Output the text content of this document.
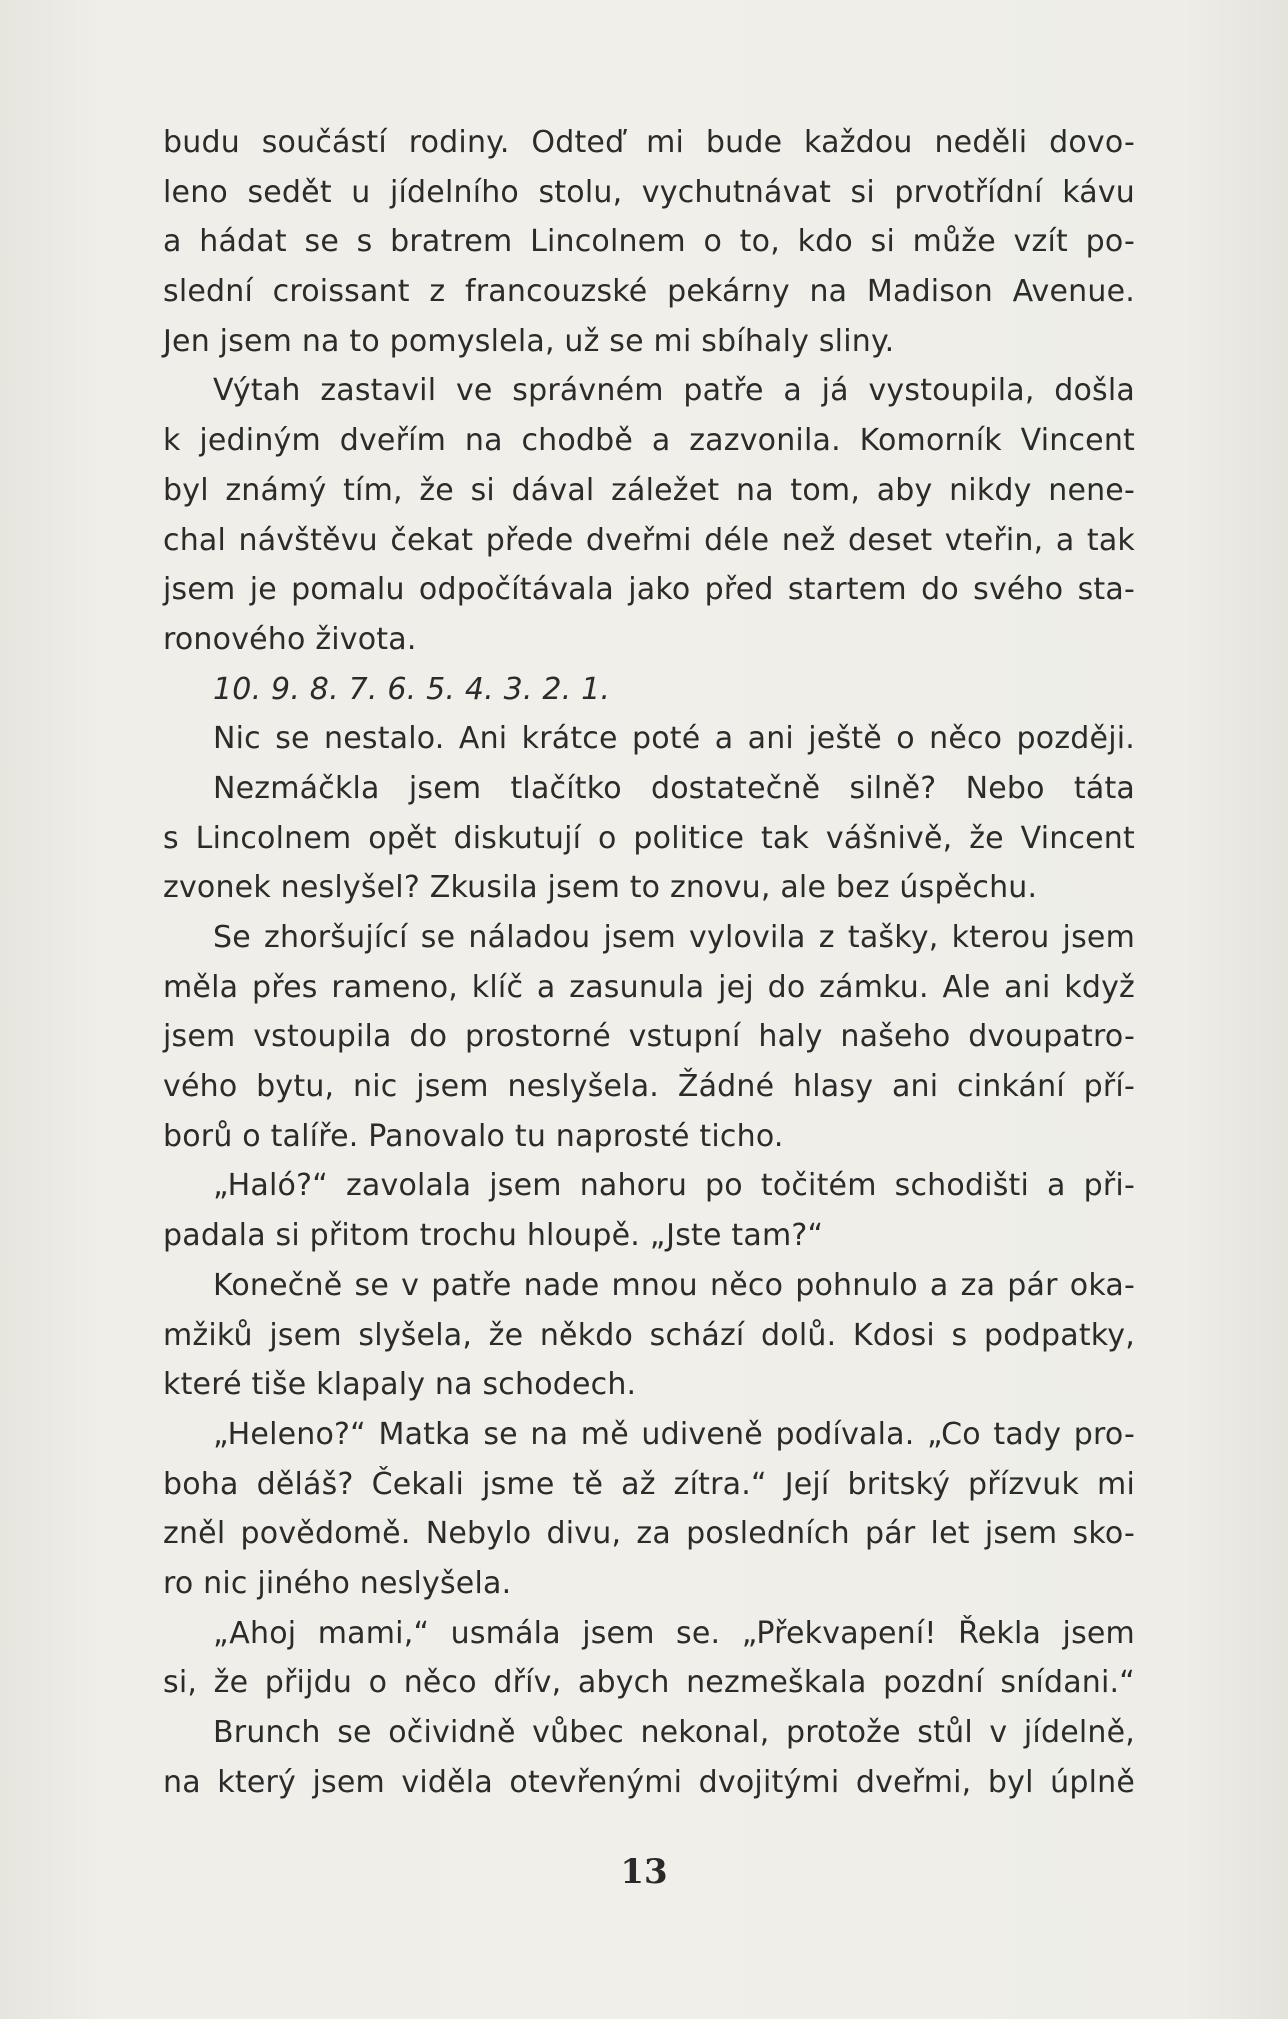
budu součástí rodiny. Odteď mi bude každou neděli dovo-
leno sedět u jídelního stolu, vychutnávat si prvotřídní kávu
a hádat se s bratrem Lincolnem o to, kdo si může vzít po-
slední croissant z francouzské pekárny na Madison Avenue.
Jen jsem na to pomyslela, už se mi sbíhaly sliny.
Výtah zastavil ve správném patře a já vystoupila, došla
k jediným dveřím na chodbě a zazvonila. Komorník Vincent
byl známý tím, že si dával záležet na tom, aby nikdy nene-
chal návštěvu čekat přede dveřmi déle než deset vteřin, a tak
jsem je pomalu odpočítávala jako před startem do svého sta-
ronového života.
10. 9. 8. 7. 6. 5. 4. 3. 2. 1.
Nic se nestalo. Ani krátce poté a ani ještě o něco později.
Nezmáčkla jsem tlačítko dostatečně silně? Nebo táta
s Lincolnem opět diskutují o politice tak vášnivě, že Vincent
zvonek neslyšel? Zkusila jsem to znovu, ale bez úspěchu.
Se zhoršující se náladou jsem vylovila z tašky, kterou jsem
měla přes rameno, klíč a zasunula jej do zámku. Ale ani když
jsem vstoupila do prostorné vstupní haly našeho dvoupatro-
vého bytu, nic jsem neslyšela. Žádné hlasy ani cinkání pří-
borů o talíře. Panovalo tu naprosté ticho.
„Haló?“ zavolala jsem nahoru po točitém schodišti a při-
padala si přitom trochu hloupě. „Jste tam?“
Konečně se v patře nade mnou něco pohnulo a za pár oka-
mžiků jsem slyšela, že někdo schází dolů. Kdosi s podpatky,
které tiše klapaly na schodech.
„Heleno?“ Matka se na mě udiveně podívala. „Co tady pro-
boha děláš? Čekali jsme tě až zítra.“ Její britský přízvuk mi
zněl povědomě. Nebylo divu, za posledních pár let jsem sko-
ro nic jiného neslyšela.
„Ahoj mami,“ usmála jsem se. „Překvapení! Řekla jsem
si, že přijdu o něco dřív, abych nezmeškala pozdní snídani.“
Brunch se očividně vůbec nekonal, protože stůl v jídelně,
na který jsem viděla otevřenými dvojitými dveřmi, byl úplně
13
